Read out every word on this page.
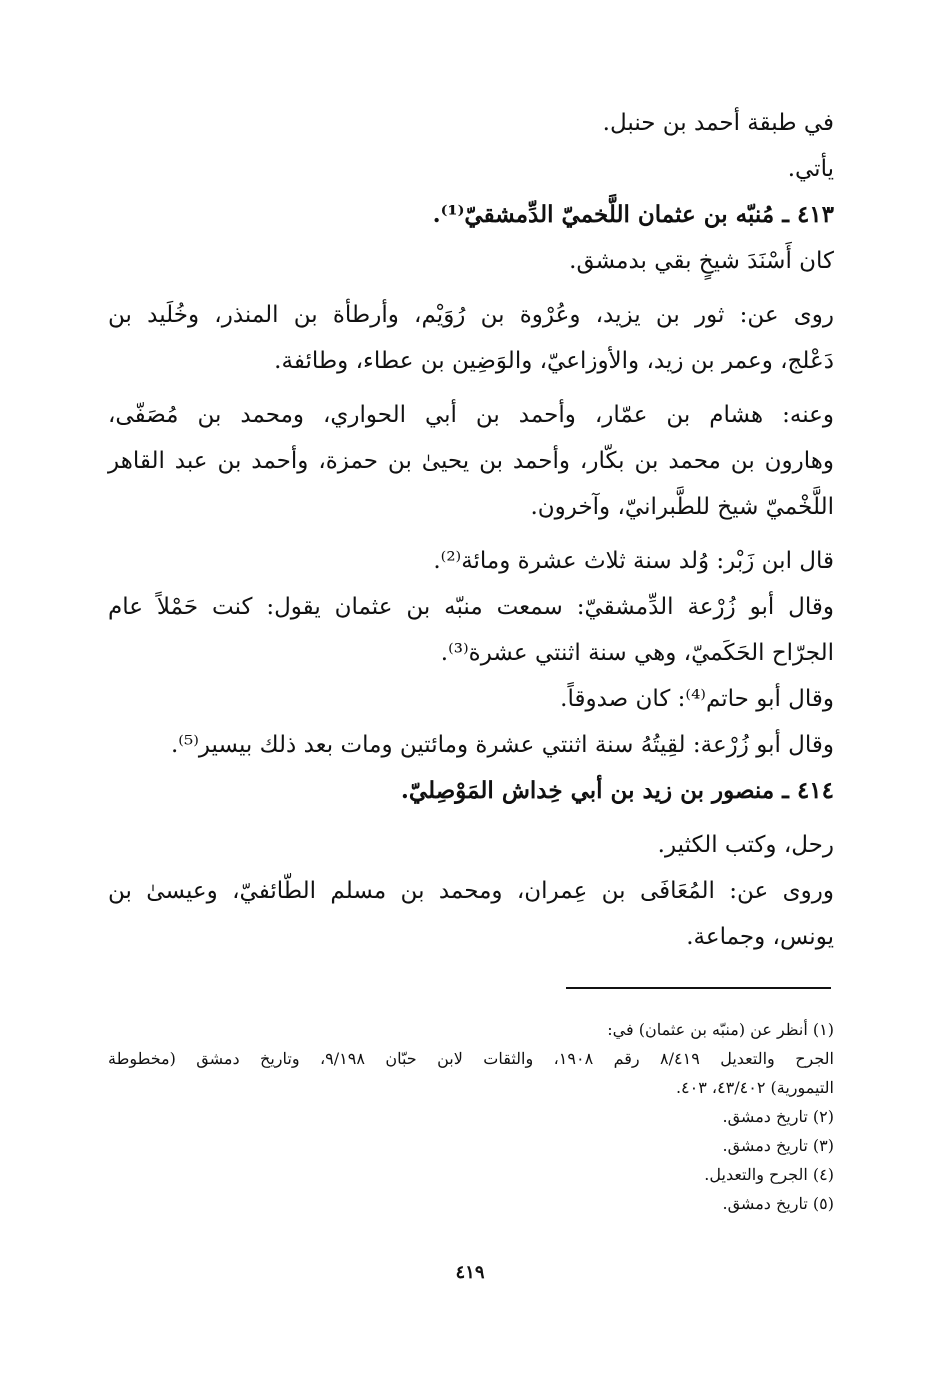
في طبقة أحمد بن حنبل.
يأتي.
٤١٣ ـ مُنبّه بن عثمان اللَّخميّ الدِّمشقيّ⁽¹⁾.
كان أَسْنَدَ شيخٍ بقي بدمشق.
روى عن: ثور بن يزيد، وعُرْوة بن رُوَيْم، وأرطأة بن المنذر، وخُلَيد بن
دَعْلج، وعمر بن زيد، والأوزاعيّ، والوَضِين بن عطاء، وطائفة.
وعنه: هشام بن عمّار، وأحمد بن أبي الحواري، ومحمد بن مُصَفّى،
وهارون بن محمد بن بكّار، وأحمد بن يحيىٰ بن حمزة، وأحمد بن عبد القاهر
اللَّخْميّ شيخ للطَّبرانيّ، وآخرون.
قال ابن زَبْر: وُلد سنة ثلاث عشرة ومائة⁽²⁾.
وقال أبو زُرْعة الدِّمشقيّ: سمعت منبّه بن عثمان يقول: كنت حَمْلاً عام
الجرّاح الحَكَميّ، وهي سنة اثنتي عشرة⁽³⁾.
وقال أبو حاتم⁽⁴⁾: كان صدوقاً.
وقال أبو زُرْعة: لقِيتُهُ سنة اثنتي عشرة ومائتين ومات بعد ذلك بيسير⁽⁵⁾.
٤١٤ ـ منصور بن زيد بن أبي خِداش المَوْصِليّ.
رحل، وكتب الكثير.
وروى عن: المُعَافَى بن عِمران، ومحمد بن مسلم الطّائفيّ، وعيسىٰ بن
يونس، وجماعة.
(١) أنظر عن (منبّه بن عثمان) في:
الجرح والتعديل ٨/٤١٩ رقم ١٩٠٨، والثقات لابن حبّان ٩/١٩٨، وتاريخ دمشق (مخطوطة
التيمورية) ٤٣/٤٠٢، ٤٠٣.
(٢) تاريخ دمشق.
(٣) تاريخ دمشق.
(٤) الجرح والتعديل.
(٥) تاريخ دمشق.
٤١٩
